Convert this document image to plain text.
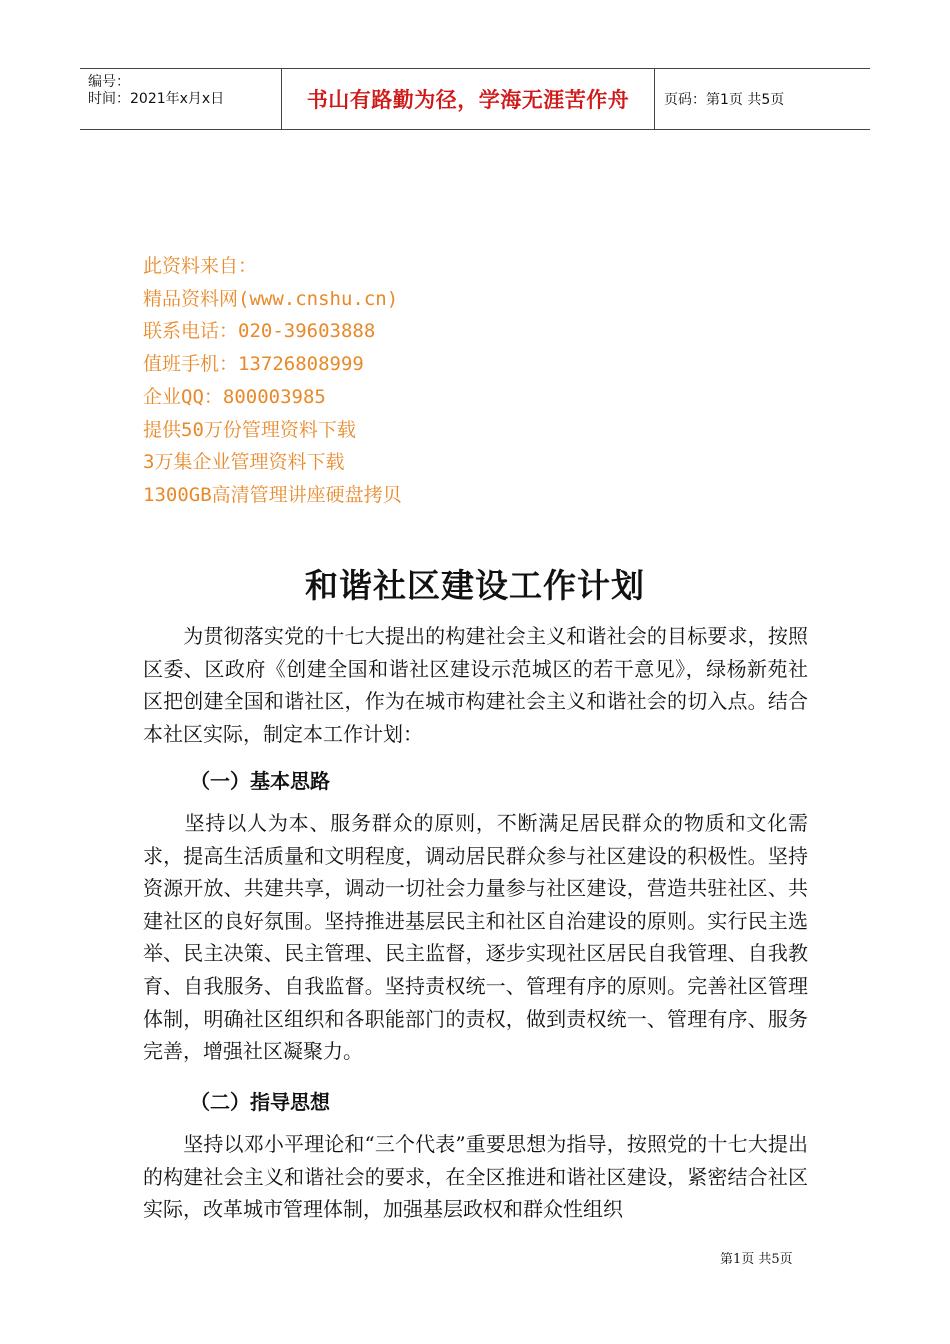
编号：
时间：2021年x月x日	书山有路勤为径，学海无涯苦作舟	页码：第1页 共5页
此资料来自：
精品资料网(www.cnshu.cn)
联系电话：020-39603888
值班手机：13726808999
企业QQ：800003985
提供50万份管理资料下载
3万集企业管理资料下载
1300GB高清管理讲座硬盘拷贝
和谐社区建设工作计划
　　为贯彻落实党的十七大提出的构建社会主义和谐社会的目标要求，按照区委、区政府《创建全国和谐社区建设示范城区的若干意见》，绿杨新苑社区把创建全国和谐社区，作为在城市构建社会主义和谐社会的切入点。结合本社区实际，制定本工作计划：
（一）基本思路
　　坚持以人为本、服务群众的原则，不断满足居民群众的物质和文化需求，提高生活质量和文明程度，调动居民群众参与社区建设的积极性。坚持资源开放、共建共享，调动一切社会力量参与社区建设，营造共驻社区、共建社区的良好氛围。坚持推进基层民主和社区自治建设的原则。实行民主选举、民主决策、民主管理、民主监督，逐步实现社区居民自我管理、自我教育、自我服务、自我监督。坚持责权统一、管理有序的原则。完善社区管理体制，明确社区组织和各职能部门的责权，做到责权统一、管理有序、服务完善，增强社区凝聚力。
（二）指导思想
　　坚持以邓小平理论和“三个代表”重要思想为指导，按照党的十七大提出的构建社会主义和谐社会的要求，在全区推进和谐社区建设，紧密结合社区实际，改革城市管理体制，加强基层政权和群众性组织
第1页 共5页
